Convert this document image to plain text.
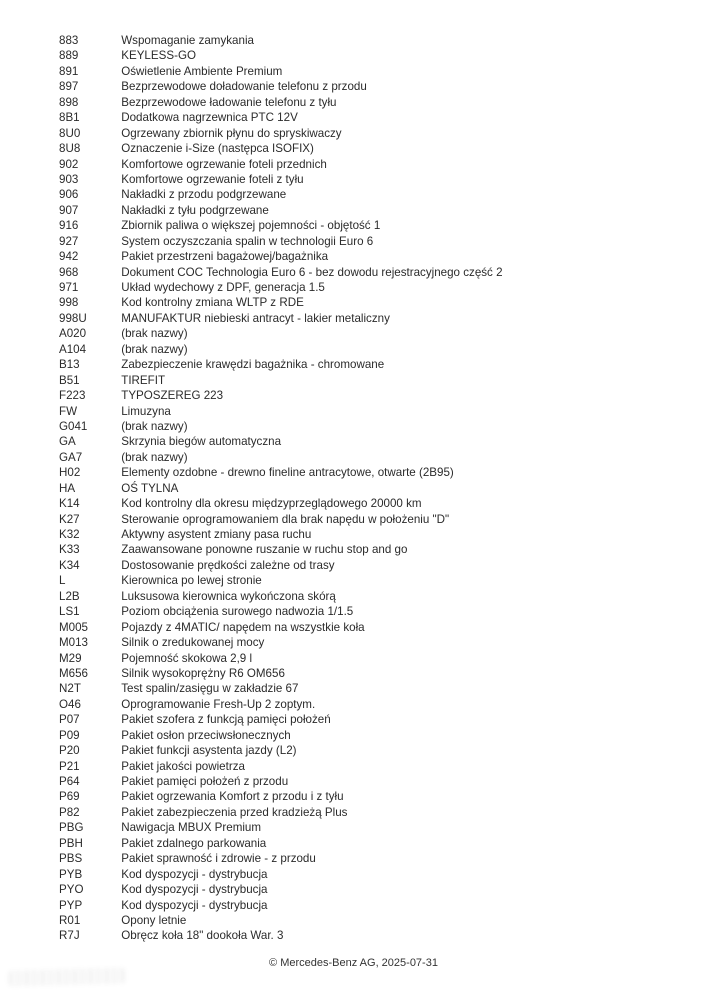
883	Wspomaganie zamykania
889	KEYLESS-GO
891	Oświetlenie Ambiente Premium
897	Bezprzewodowe doładowanie telefonu z przodu
898	Bezprzewodowe ładowanie telefonu z tyłu
8B1	Dodatkowa nagrzewnica PTC 12V
8U0	Ogrzewany zbiornik płynu do spryskiwaczy
8U8	Oznaczenie i-Size (następca ISOFIX)
902	Komfortowe ogrzewanie foteli przednich
903	Komfortowe ogrzewanie foteli z tyłu
906	Nakładki z przodu podgrzewane
907	Nakładki z tyłu podgrzewane
916	Zbiornik paliwa o większej pojemności - objętość 1
927	System oczyszczania spalin w technologii Euro 6
942	Pakiet przestrzeni bagażowej/bagażnika
968	Dokument COC Technologia Euro 6 - bez dowodu rejestracyjnego część 2
971	Układ wydechowy z DPF, generacja 1.5
998	Kod kontrolny zmiana WLTP z RDE
998U	MANUFAKTUR niebieski antracyt - lakier metaliczny
A020	(brak nazwy)
A104	(brak nazwy)
B13	Zabezpieczenie krawędzi bagażnika - chromowane
B51	TIREFIT
F223	TYPOSZEREG 223
FW	Limuzyna
G041	(brak nazwy)
GA	Skrzynia biegów automatyczna
GA7	(brak nazwy)
H02	Elementy ozdobne - drewno fineline antracytowe, otwarte (2B95)
HA	OŚ TYLNA
K14	Kod kontrolny dla okresu międzyprzeglądowego 20000 km
K27	Sterowanie oprogramowaniem dla brak napędu w położeniu "D"
K32	Aktywny asystent zmiany pasa ruchu
K33	Zaawansowane ponowne ruszanie w ruchu stop and go
K34	Dostosowanie prędkości zależne od trasy
L	Kierownica po lewej stronie
L2B	Luksusowa kierownica wykończona skórą
LS1	Poziom obciążenia surowego nadwozia 1/1.5
M005	Pojazdy z 4MATIC/ napędem na wszystkie koła
M013	Silnik o zredukowanej mocy
M29	Pojemność skokowa 2,9 l
M656	Silnik wysokoprężny R6 OM656
N2T	Test spalin/zasięgu w zakładzie 67
O46	Oprogramowanie Fresh-Up 2 zoptym.
P07	Pakiet szofera z funkcją pamięci położeń
P09	Pakiet osłon przeciwsłonecznych
P20	Pakiet funkcji asystenta jazdy (L2)
P21	Pakiet jakości powietrza
P64	Pakiet pamięci położeń z przodu
P69	Pakiet ogrzewania Komfort z przodu i z tyłu
P82	Pakiet zabezpieczenia przed kradzieżą Plus
PBG	Nawigacja MBUX Premium
PBH	Pakiet zdalnego parkowania
PBS	Pakiet sprawność i zdrowie - z przodu
PYB	Kod dyspozycji - dystrybucja
PYO	Kod dyspozycji - dystrybucja
PYP	Kod dyspozycji - dystrybucja
R01	Opony letnie
R7J	Obręcz koła 18" dookoła War. 3
© Mercedes-Benz AG, 2025-07-31
